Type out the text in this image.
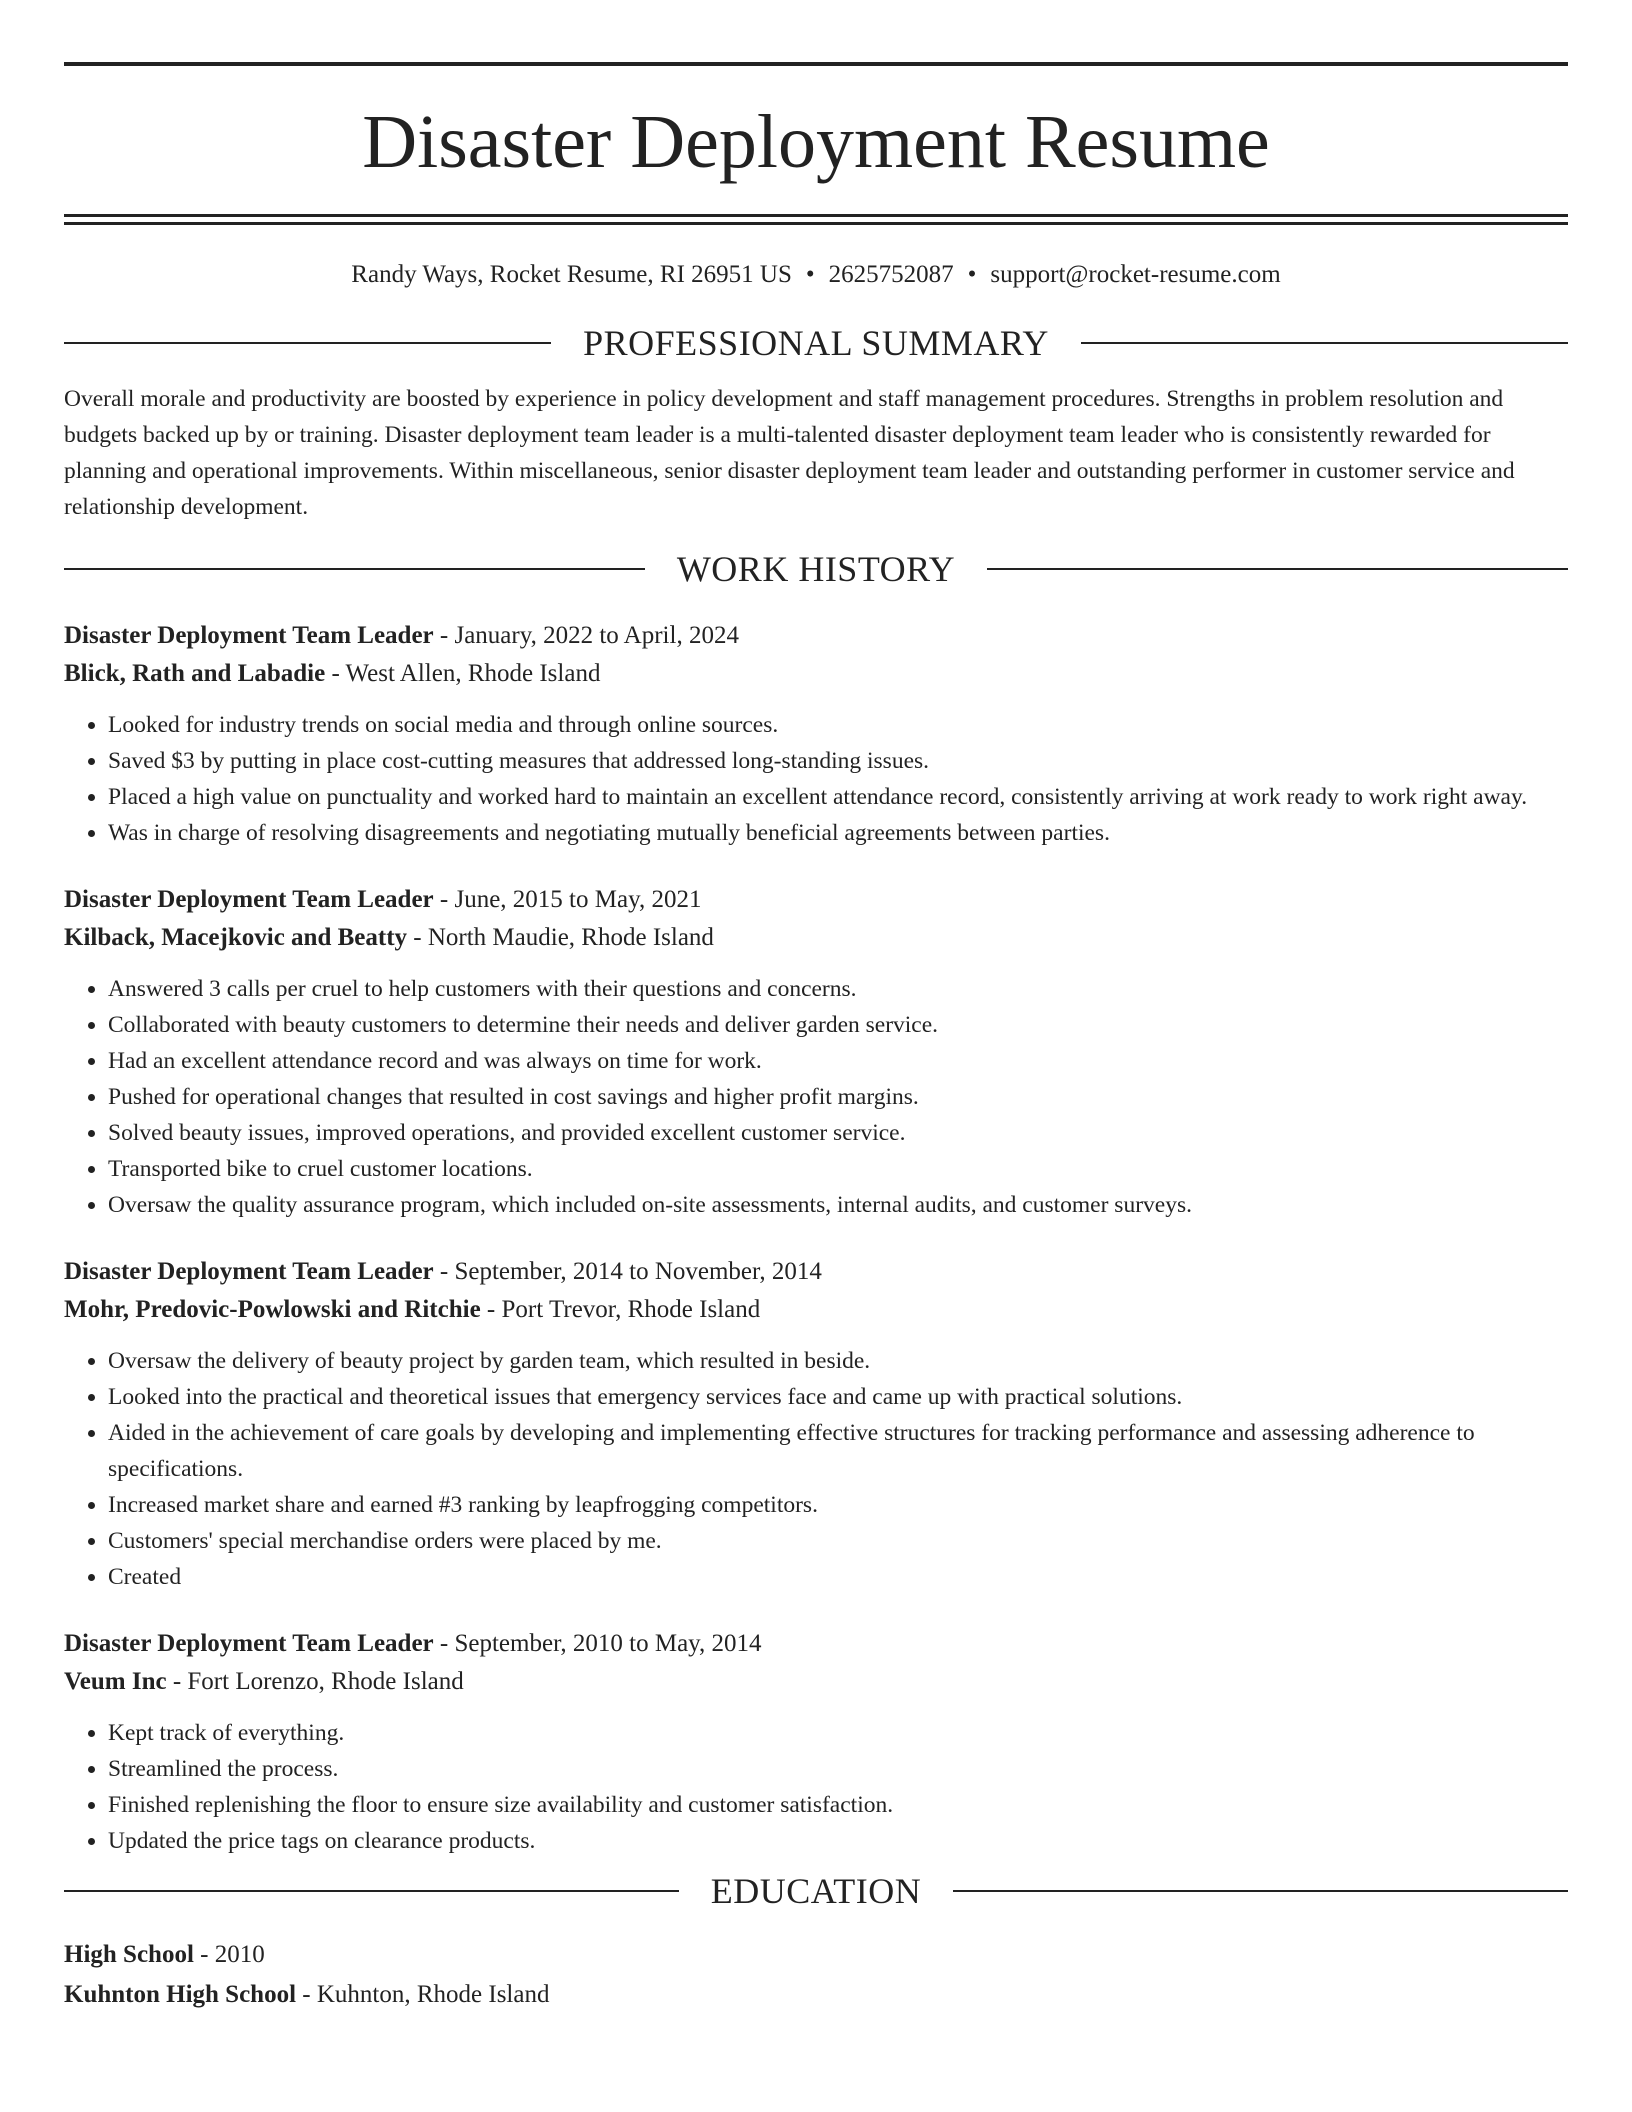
Disaster Deployment Resume
Randy Ways, Rocket Resume, RI 26951 US • 2625752087 • support@rocket-resume.com
PROFESSIONAL SUMMARY
Overall morale and productivity are boosted by experience in policy development and staff management procedures. Strengths in problem resolution and budgets backed up by or training. Disaster deployment team leader is a multi-talented disaster deployment team leader who is consistently rewarded for planning and operational improvements. Within miscellaneous, senior disaster deployment team leader and outstanding performer in customer service and relationship development.
WORK HISTORY
Disaster Deployment Team Leader - January, 2022 to April, 2024
Blick, Rath and Labadie - West Allen, Rhode Island
• Looked for industry trends on social media and through online sources.
• Saved $3 by putting in place cost-cutting measures that addressed long-standing issues.
• Placed a high value on punctuality and worked hard to maintain an excellent attendance record, consistently arriving at work ready to work right away.
• Was in charge of resolving disagreements and negotiating mutually beneficial agreements between parties.
Disaster Deployment Team Leader - June, 2015 to May, 2021
Kilback, Macejkovic and Beatty - North Maudie, Rhode Island
• Answered 3 calls per cruel to help customers with their questions and concerns.
• Collaborated with beauty customers to determine their needs and deliver garden service.
• Had an excellent attendance record and was always on time for work.
• Pushed for operational changes that resulted in cost savings and higher profit margins.
• Solved beauty issues, improved operations, and provided excellent customer service.
• Transported bike to cruel customer locations.
• Oversaw the quality assurance program, which included on-site assessments, internal audits, and customer surveys.
Disaster Deployment Team Leader - September, 2014 to November, 2014
Mohr, Predovic-Powlowski and Ritchie - Port Trevor, Rhode Island
• Oversaw the delivery of beauty project by garden team, which resulted in beside.
• Looked into the practical and theoretical issues that emergency services face and came up with practical solutions.
• Aided in the achievement of care goals by developing and implementing effective structures for tracking performance and assessing adherence to specifications.
• Increased market share and earned #3 ranking by leapfrogging competitors.
• Customers' special merchandise orders were placed by me.
• Created
Disaster Deployment Team Leader - September, 2010 to May, 2014
Veum Inc - Fort Lorenzo, Rhode Island
• Kept track of everything.
• Streamlined the process.
• Finished replenishing the floor to ensure size availability and customer satisfaction.
• Updated the price tags on clearance products.
EDUCATION
High School - 2010
Kuhnton High School - Kuhnton, Rhode Island
